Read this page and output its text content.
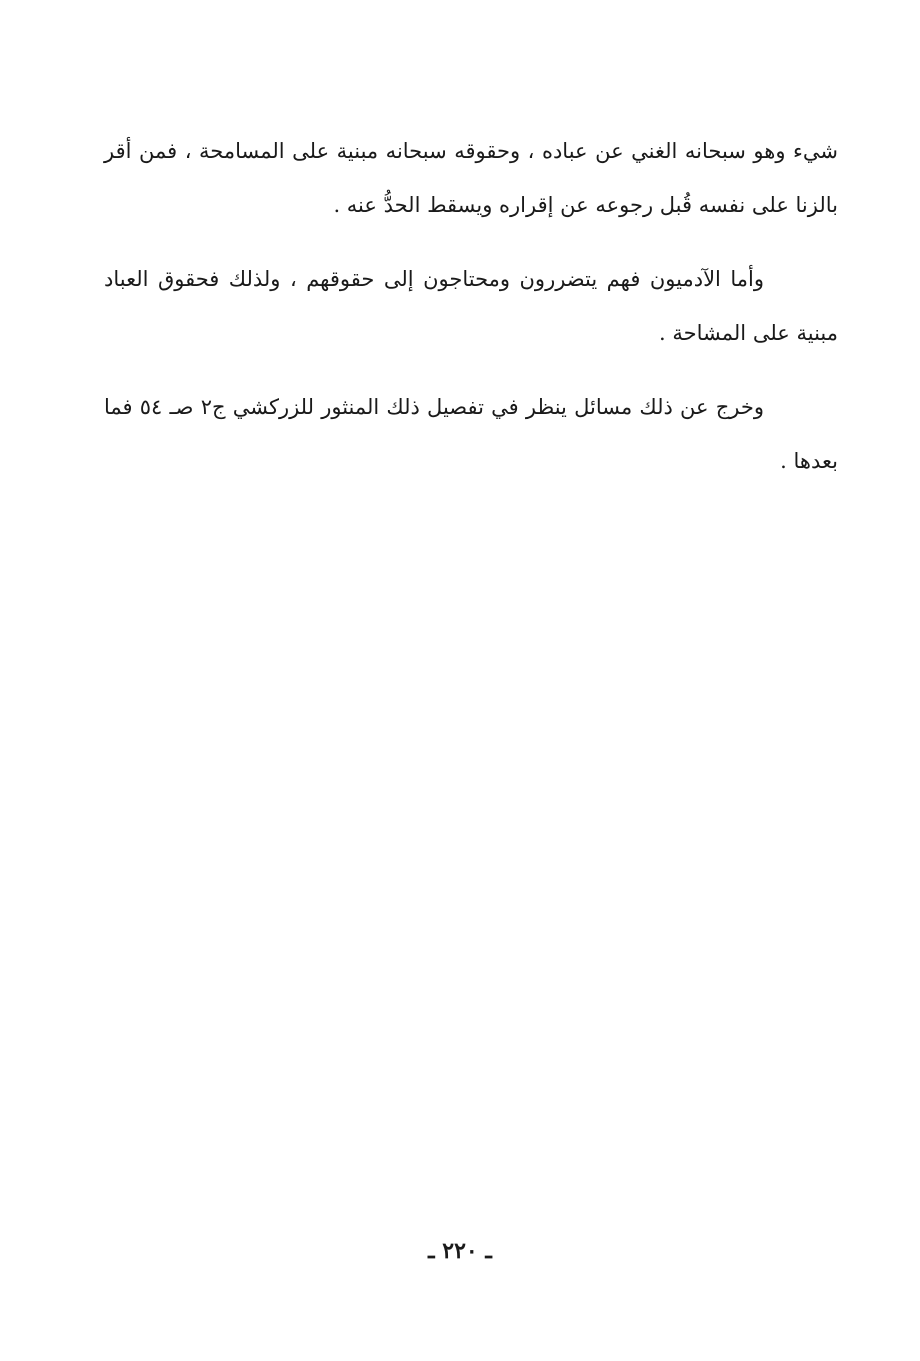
شيء وهو سبحانه الغني عن عباده ، وحقوقه سبحانه مبنية على المسامحة ، فمن أقر بالزنا على نفسه قُبل رجوعه عن إقراره ويسقط الحدُّ عنه .

وأما الآدميون فهم يتضررون ومحتاجون إلى حقوقهم ، ولذلك فحقوق العباد مبنية على المشاحة .

وخرج عن ذلك مسائل ينظر في تفصيل ذلك المنثور للزركشي ج٢ صـ ٥٤ فما بعدها .

ـ ٢٢٠ ـ
